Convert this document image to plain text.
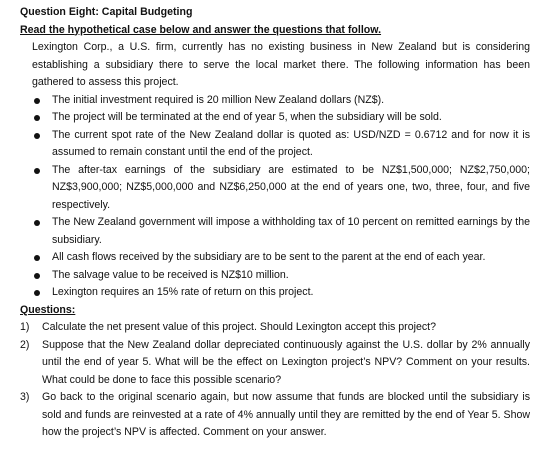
Question Eight: Capital Budgeting
Read the hypothetical case below and answer the questions that follow.
Lexington Corp., a U.S. firm, currently has no existing business in New Zealand but is considering establishing a subsidiary there to serve the local market there. The following information has been gathered to assess this project.
The initial investment required is 20 million New Zealand dollars (NZ$).
The project will be terminated at the end of year 5, when the subsidiary will be sold.
The current spot rate of the New Zealand dollar is quoted as: USD/NZD = 0.6712 and for now it is assumed to remain constant until the end of the project.
The after-tax earnings of the subsidiary are estimated to be NZ$1,500,000; NZ$2,750,000; NZ$3,900,000; NZ$5,000,000 and NZ$6,250,000 at the end of years one, two, three, four, and five respectively.
The New Zealand government will impose a withholding tax of 10 percent on remitted earnings by the subsidiary.
All cash flows received by the subsidiary are to be sent to the parent at the end of each year.
The salvage value to be received is NZ$10 million.
Lexington requires an 15% rate of return on this project.
Questions:
1) Calculate the net present value of this project. Should Lexington accept this project?
2) Suppose that the New Zealand dollar depreciated continuously against the U.S. dollar by 2% annually until the end of year 5. What will be the effect on Lexington project’s NPV? Comment on your results. What could be done to face this possible scenario?
3) Go back to the original scenario again, but now assume that funds are blocked until the subsidiary is sold and funds are reinvested at a rate of 4% annually until they are remitted by the end of Year 5. Show how the project’s NPV is affected. Comment on your answer.
